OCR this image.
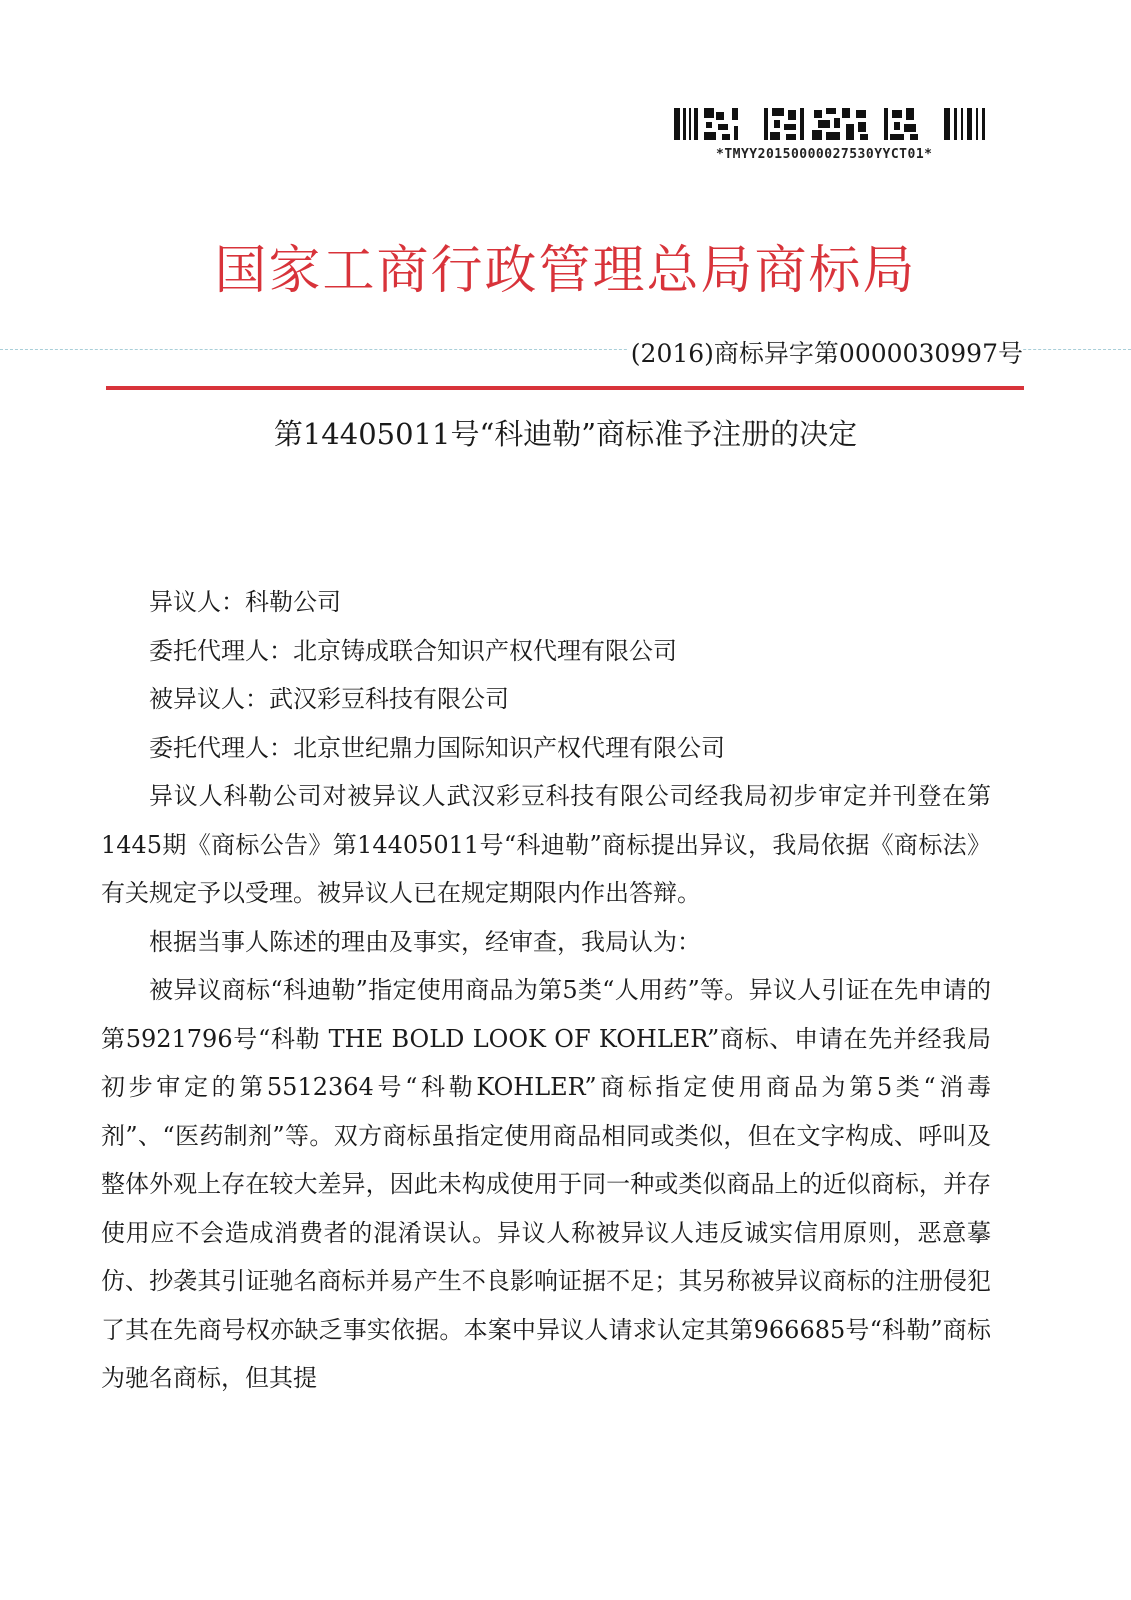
*TMYY20150000027530YYCT01*
国家工商行政管理总局商标局
(2016)商标异字第0000030997号
第14405011号“科迪勒”商标准予注册的决定

异议人：科勒公司

委托代理人：北京铸成联合知识产权代理有限公司

被异议人：武汉彩豆科技有限公司

委托代理人：北京世纪鼎力国际知识产权代理有限公司

异议人科勒公司对被异议人武汉彩豆科技有限公司经我局初步审定并刊登在第1445期《商标公告》第14405011号“科迪勒”商标提出异议，我局依据《商标法》有关规定予以受理。被异议人已在规定期限内作出答辩。

根据当事人陈述的理由及事实，经审查，我局认为：

被异议商标“科迪勒”指定使用商品为第5类“人用药”等。异议人引证在先申请的第5921796号“科勒 THE BOLD LOOK OF KOHLER”商标、申请在先并经我局初步审定的第5512364号“科勒KOHLER”商标指定使用商品为第5类“消毒剂”、“医药制剂”等。双方商标虽指定使用商品相同或类似，但在文字构成、呼叫及整体外观上存在较大差异，因此未构成使用于同一种或类似商品上的近似商标，并存使用应不会造成消费者的混淆误认。异议人称被异议人违反诚实信用原则，恶意摹仿、抄袭其引证驰名商标并易产生不良影响证据不足；其另称被异议商标的注册侵犯了其在先商号权亦缺乏事实依据。本案中异议人请求认定其第966685号“科勒”商标为驰名商标，但其提
